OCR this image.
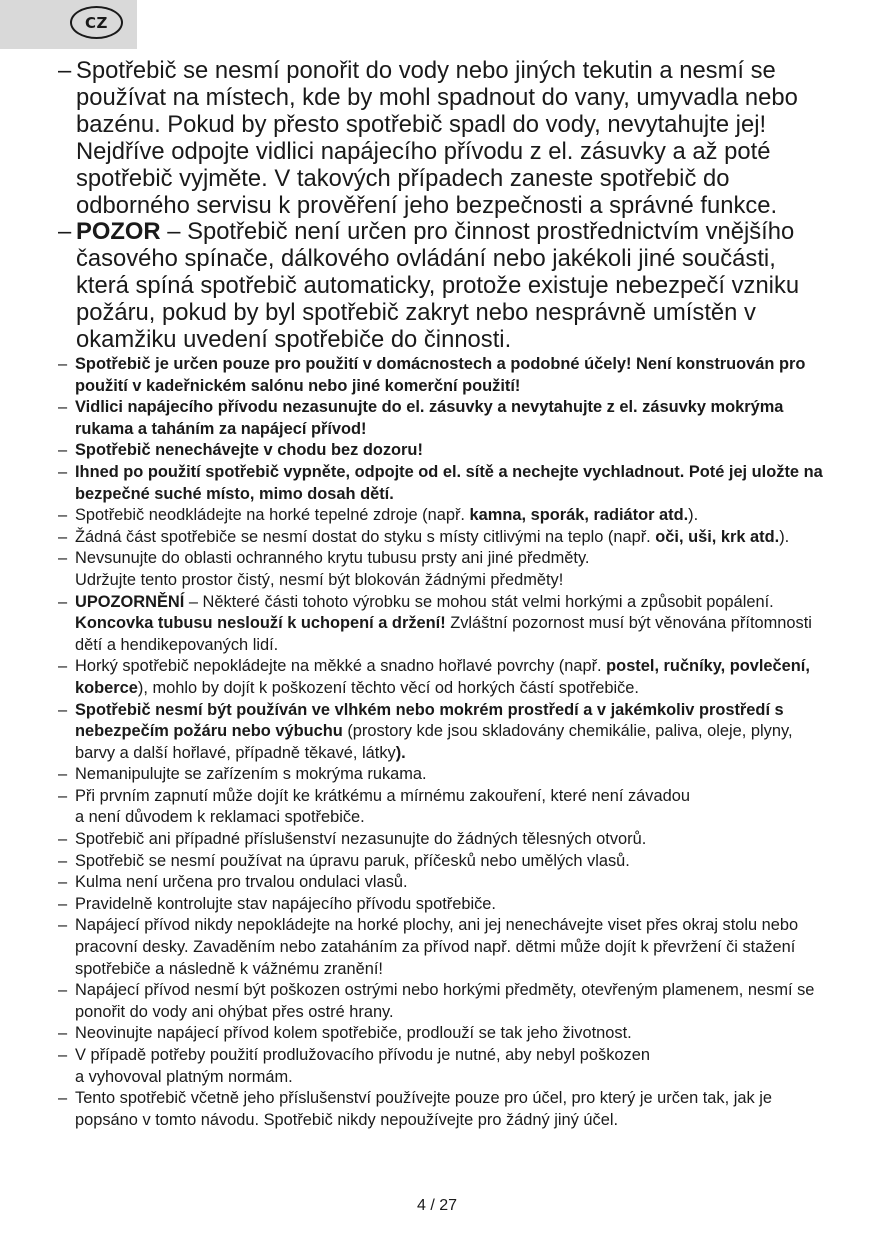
CZ
– Spotřebič se nesmí ponořit do vody nebo jiných tekutin a nesmí se používat na místech, kde by mohl spadnout do vany, umyvadla nebo bazénu. Pokud by přesto spotřebič spadl do vody, nevytahujte jej! Nejdříve odpojte vidlici napájecího přívodu z el. zásuvky a až poté spotřebič vyjměte. V takových případech zaneste spotřebič do odborného servisu k prověření jeho bezpečnosti a správné funkce.
– POZOR – Spotřebič není určen pro činnost prostřednictvím vnějšího časového spínače, dálkového ovládání nebo jakékoli jiné součásti, která spíná spotřebič automaticky, protože existuje nebezpečí vzniku požáru, pokud by byl spotřebič zakryt nebo nesprávně umístěn v okamžiku uvedení spotřebiče do činnosti.
– Spotřebič je určen pouze pro použití v domácnostech a podobné účely! Není konstruován pro použití v kadeřnickém salónu nebo jiné komerční použití!
– Vidlici napájecího přívodu nezasunujte do el. zásuvky a nevytahujte z el. zásuvky mokrýma rukama a taháním za napájecí přívod!
– Spotřebič nenechávejte v chodu bez dozoru!
– Ihned po použití spotřebič vypněte, odpojte od el. sítě a nechejte vychladnout. Poté jej uložte na bezpečné suché místo, mimo dosah dětí.
– Spotřebič neodkládejte na horké tepelné zdroje (např. kamna, sporák, radiátor atd.).
– Žádná část spotřebiče se nesmí dostat do styku s místy citlivými na teplo (např. oči, uši, krk atd.).
– Nevsunujte do oblasti ochranného krytu tubusu prsty ani jiné předměty.
Udržujte tento prostor čistý, nesmí být blokován žádnými předměty!
– UPOZORNĚNÍ – Některé části tohoto výrobku se mohou stát velmi horkými a způsobit popálení. Koncovka tubusu neslouží k uchopení a držení! Zvláštní pozornost musí být věnována přítomnosti dětí a hendikepovaných lidí.
– Horký spotřebič nepokládejte na měkké a snadno hořlavé povrchy (např. postel, ručníky, povlečení, koberce), mohlo by dojít k poškození těchto věcí od horkých částí spotřebiče.
– Spotřebič nesmí být používán ve vlhkém nebo mokrém prostředí a v jakémkoliv prostředí s nebezpečím požáru nebo výbuchu (prostory kde jsou skladovány chemikálie, paliva, oleje, plyny, barvy a další hořlavé, případně těkavé, látky).
– Nemanipulujte se zařízením s mokrýma rukama.
– Při prvním zapnutí může dojít ke krátkému a mírnému zakouření, které není závadou
a není důvodem k reklamaci spotřebiče.
– Spotřebič ani případné příslušenství nezasunujte do žádných tělesných otvorů.
– Spotřebič se nesmí používat na úpravu paruk, příčesků nebo umělých vlasů.
– Kulma není určena pro trvalou ondulaci vlasů.
– Pravidelně kontrolujte stav napájecího přívodu spotřebiče.
– Napájecí přívod nikdy nepokládejte na horké plochy, ani jej nenechávejte viset přes okraj stolu nebo pracovní desky. Zavaděním nebo zataháním za přívod např. dětmi může dojít k převržení či stažení spotřebiče a následně k vážnému zranění!
– Napájecí přívod nesmí být poškozen ostrými nebo horkými předměty, otevřeným plamenem, nesmí se ponořit do vody ani ohýbat přes ostré hrany.
– Neovinujte napájecí přívod kolem spotřebiče, prodlouží se tak jeho životnost.
– V případě potřeby použití prodlužovacího přívodu je nutné, aby nebyl poškozen
a vyhovoval platným normám.
– Tento spotřebič včetně jeho příslušenství používejte pouze pro účel, pro který je určen tak, jak je popsáno v tomto návodu. Spotřebič nikdy nepoužívejte pro žádný jiný účel.
4 / 27
